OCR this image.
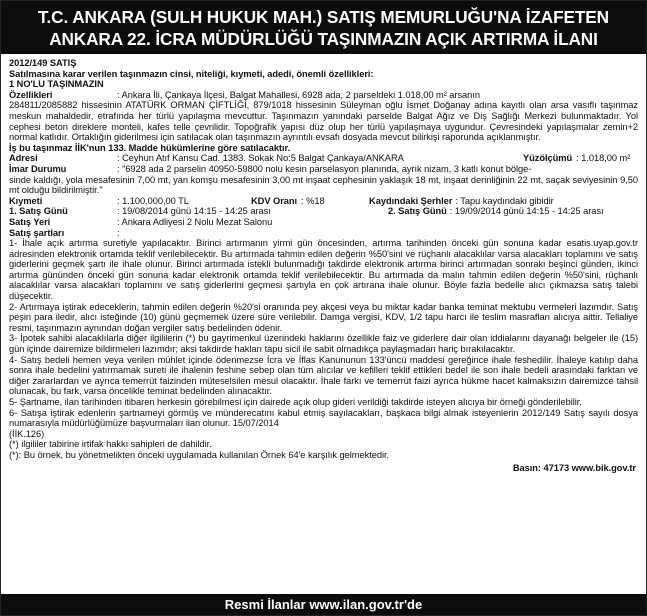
T.C. ANKARA (SULH HUKUK MAH.) SATIŞ MEMURLUĞU'NA İZAFETEN
ANKARA 22. İCRA MÜDÜRLÜĞÜ TAŞINMAZIN AÇIK ARTIRMA İLANI
2012/149 SATIŞ
Satılmasına karar verilen taşınmazın cinsi, niteliği, kıymeti, adedi, önemli özellikleri:
1 NO'LU TAŞINMAZIN
Özellikleri	: Ankara İli, Çankaya İlçesi, Balgat Mahallesi, 6928 ada, 2 parseldeki 1.018,00 m² arsanın

284811/2085882 hissesinin ATATÜRK ORMAN ÇİFTLİĞİ, 879/1018 hissesinin Süleyman oğlu İsmet Doğanay adına kayıtlı olan arsa vasıflı taşınmaz meskun mahaldedir, etrafında her türlü yapılaşma mevcuttur. Taşınmazın yanındaki parselde Balgat Ağız ve Diş Sağlığı Merkezi bulunmaktadır. Yol cephesi beton direklere monteli, kafes telle çevrilidir. Topoğrafik yapısı düz olup her türlü yapılaşmaya uygundur. Çevresindeki yapılaşmalar zemin+2 normal katlıdır. Ortaklığın giderilmesi için satılacak olan taşınmazın ayrıntılı evsafı dosyada mevcut bilirkişi raporunda açıklanmıştır.

İş bu taşınmaz İİK'nun 133. Madde hükümlerine göre satılacaktır.
Adresi	: Ceyhun Atıf Kansu Cad. 1383. Sokak No:5 Balgat Çankaya/ANKARA	Yüzölçümü : 1.018,00 m²
İmar Durumu	: "6928 ada 2 parselin 40950-59800 nolu kesin parselasyon planında, ayrık nizam, 3 katlı konut bölge-

sinde kaldığı, yola mesafesinin 7,00 mt, yan komşu mesafesinin 3,00 mt inşaat cephesinin yaklaşık 18 mt, inşaat derinliğinin 22 mt, saçak seviyesinin 9,50 mt olduğu bildirilmiştir."

Kıymeti	: 1.100.000,00 TL	KDV Oranı : %18	Kaydındaki Şerhler : Tapu kaydındaki gibidir
1. Satış Günü	: 19/08/2014 günü 14:15 - 14:25 arası	2. Satış Günü : 19/09/2014 günü 14:15 - 14:25 arası
Satış Yeri	: Ankara Adliyesi 2 Nolu Mezat Salonu
Satış şartları	:

1- İhale açık artırma suretiyle yapılacaktır. Birinci artırmanın yirmi gün öncesinden, artırma tarihinden önceki gün sonuna kadar esatis.uyap.gov.tr adresinden elektronik ortamda teklif verilebilecektir. Bu artırmada tahmin edilen değerin %50'sini ve rüçhanlı alacaklılar varsa alacakları toplamını ve satış giderlerini geçmek şartı ile ihale olunur. Birinci artırmada istekli bulunmadığı takdirde elektronik artırma birinci artırmadan sonraki beşinci günden, ikinci artırma gününden önceki gün sonuna kadar elektronik ortamda teklif verilebilecektir. Bu artırmada da malın tahmin edilen değerin %50'sini, rüçhanlı alacaklılar varsa alacakları toplamını ve satış giderlerini geçmesi şartıyla en çok artırana ihale olunur. Böyle fazla bedelle alıcı çıkmazsa satış talebi düşecektir.

2- Artırmaya iştirak edeceklerin, tahmin edilen değerin %20'si oranında pey akçesi veya bu miktar kadar banka teminat mektubu vermeleri lazımdır. Satış peşin para iledir, alıcı isteğinde (10) günü geçmemek üzere süre verilebilir. Damga vergisi, KDV, 1/2 tapu harcı ile teslim masrafları alıcıya aittir. Tellaliye resmi, taşınmazın aynından doğan vergiler satış bedelinden ödenir.

3- İpotek sahibi alacaklılarla diğer ilgililerin (*) bu gayrimenkul üzerindeki haklarını özellikle faiz ve giderlere dair olan iddialarını dayanağı belgeler ile (15) gün içinde dairemize bildirmeleri lazımdır; aksi takdirde hakları tapu sicil ile sabit olmadıkça paylaşmadan hariç bırakılacaktır.

4- Satış bedeli hemen veya verilen mühlet içinde ödenmezse İcra ve İflas Kanununun 133'üncü maddesi gereğince ihale feshedilir. İhaleye katılıp daha sonra ihale bedelini yatırmamak sureti ile ihalenin feshine sebep olan tüm alıcılar ve kefilleri teklif ettikleri bedel ile son ihale bedeli arasındaki farktan ve diğer zararlardan ve ayrıca temerrüt faizinden müteselsilen mesul olacaktır. İhale farkı ve temerrüt faizi ayrıca hükme hacet kalmaksızın dairemizce tahsil olunacak, bu fark, varsa öncelikle teminat bedelinden alınacaktır.

5- Şartname, ilan tarihinden itibaren herkesin görebilmesi için dairede açık olup gideri verildiği takdirde isteyen alıcıya bir örneği gönderilebilir.

6- Satışa iştirak edenlerin şartnameyi görmüş ve münderecatını kabul etmiş sayılacakları, başkaca bilgi almak isteyenlerin 2012/149 Satış sayılı dosya numarasıyla müdürlüğümüze başvurmaları ilan olunur. 15/07/2014

(İİK.126)
(*) ilgililer tabirine irtifak hakkı sahipleri de dahildir.
(*): Bu örnek, bu yönetmelikten önceki uygulamada kullanılan Örnek 64'e karşılık gelmektedir.
Basın: 47173 www.bik.gov.tr
Resmi İlanlar www.ilan.gov.tr'de
